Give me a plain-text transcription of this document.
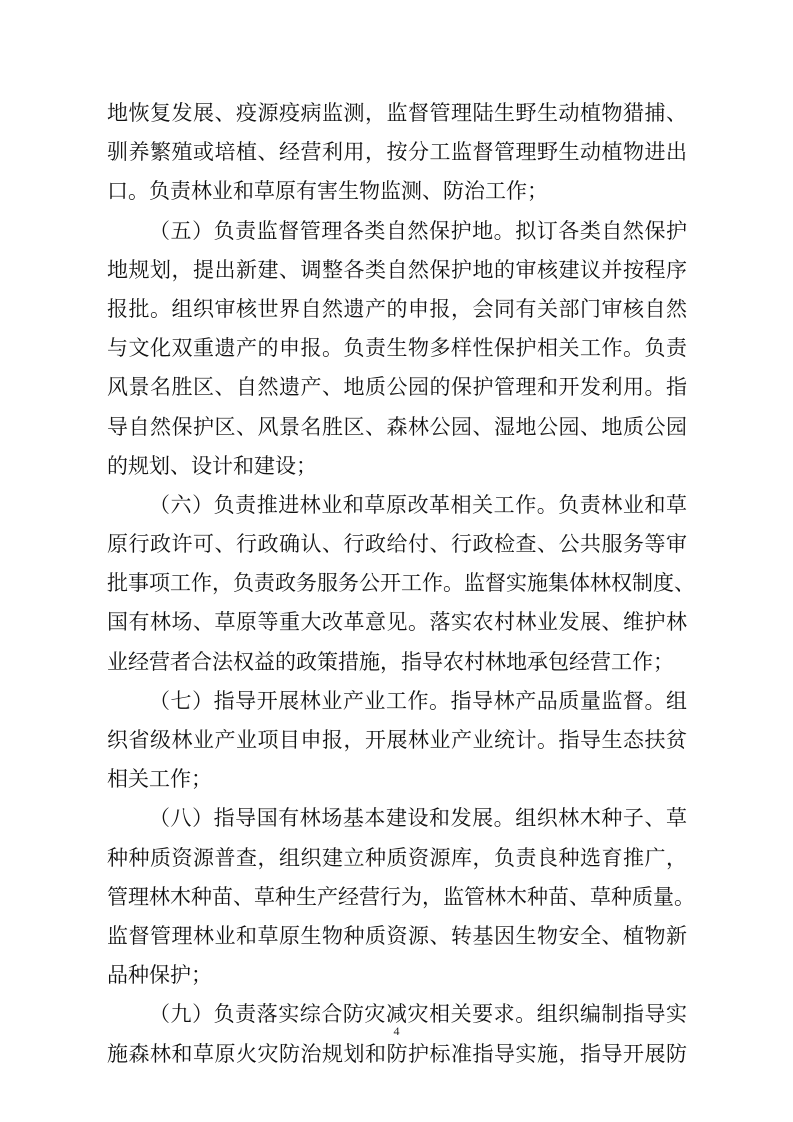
地恢复发展、疫源疫病监测，监督管理陆生野生动植物猎捕、
驯养繁殖或培植、经营利用，按分工监督管理野生动植物进出
口。负责林业和草原有害生物监测、防治工作；
（五）负责监督管理各类自然保护地。拟订各类自然保护
地规划，提出新建、调整各类自然保护地的审核建议并按程序
报批。组织审核世界自然遗产的申报，会同有关部门审核自然
与文化双重遗产的申报。负责生物多样性保护相关工作。负责
风景名胜区、自然遗产、地质公园的保护管理和开发利用。指
导自然保护区、风景名胜区、森林公园、湿地公园、地质公园
的规划、设计和建设；
（六）负责推进林业和草原改革相关工作。负责林业和草
原行政许可、行政确认、行政给付、行政检查、公共服务等审
批事项工作，负责政务服务公开工作。监督实施集体林权制度、
国有林场、草原等重大改革意见。落实农村林业发展、维护林
业经营者合法权益的政策措施，指导农村林地承包经营工作；
（七）指导开展林业产业工作。指导林产品质量监督。组
织省级林业产业项目申报，开展林业产业统计。指导生态扶贫
相关工作；
（八）指导国有林场基本建设和发展。组织林木种子、草
种种质资源普查，组织建立种质资源库，负责良种选育推广，
管理林木种苗、草种生产经营行为，监管林木种苗、草种质量。
监督管理林业和草原生物种质资源、转基因生物安全、植物新
品种保护；
（九）负责落实综合防灾减灾相关要求。组织编制指导实
施森林和草原火灾防治规划和防护标准指导实施，指导开展防
4
